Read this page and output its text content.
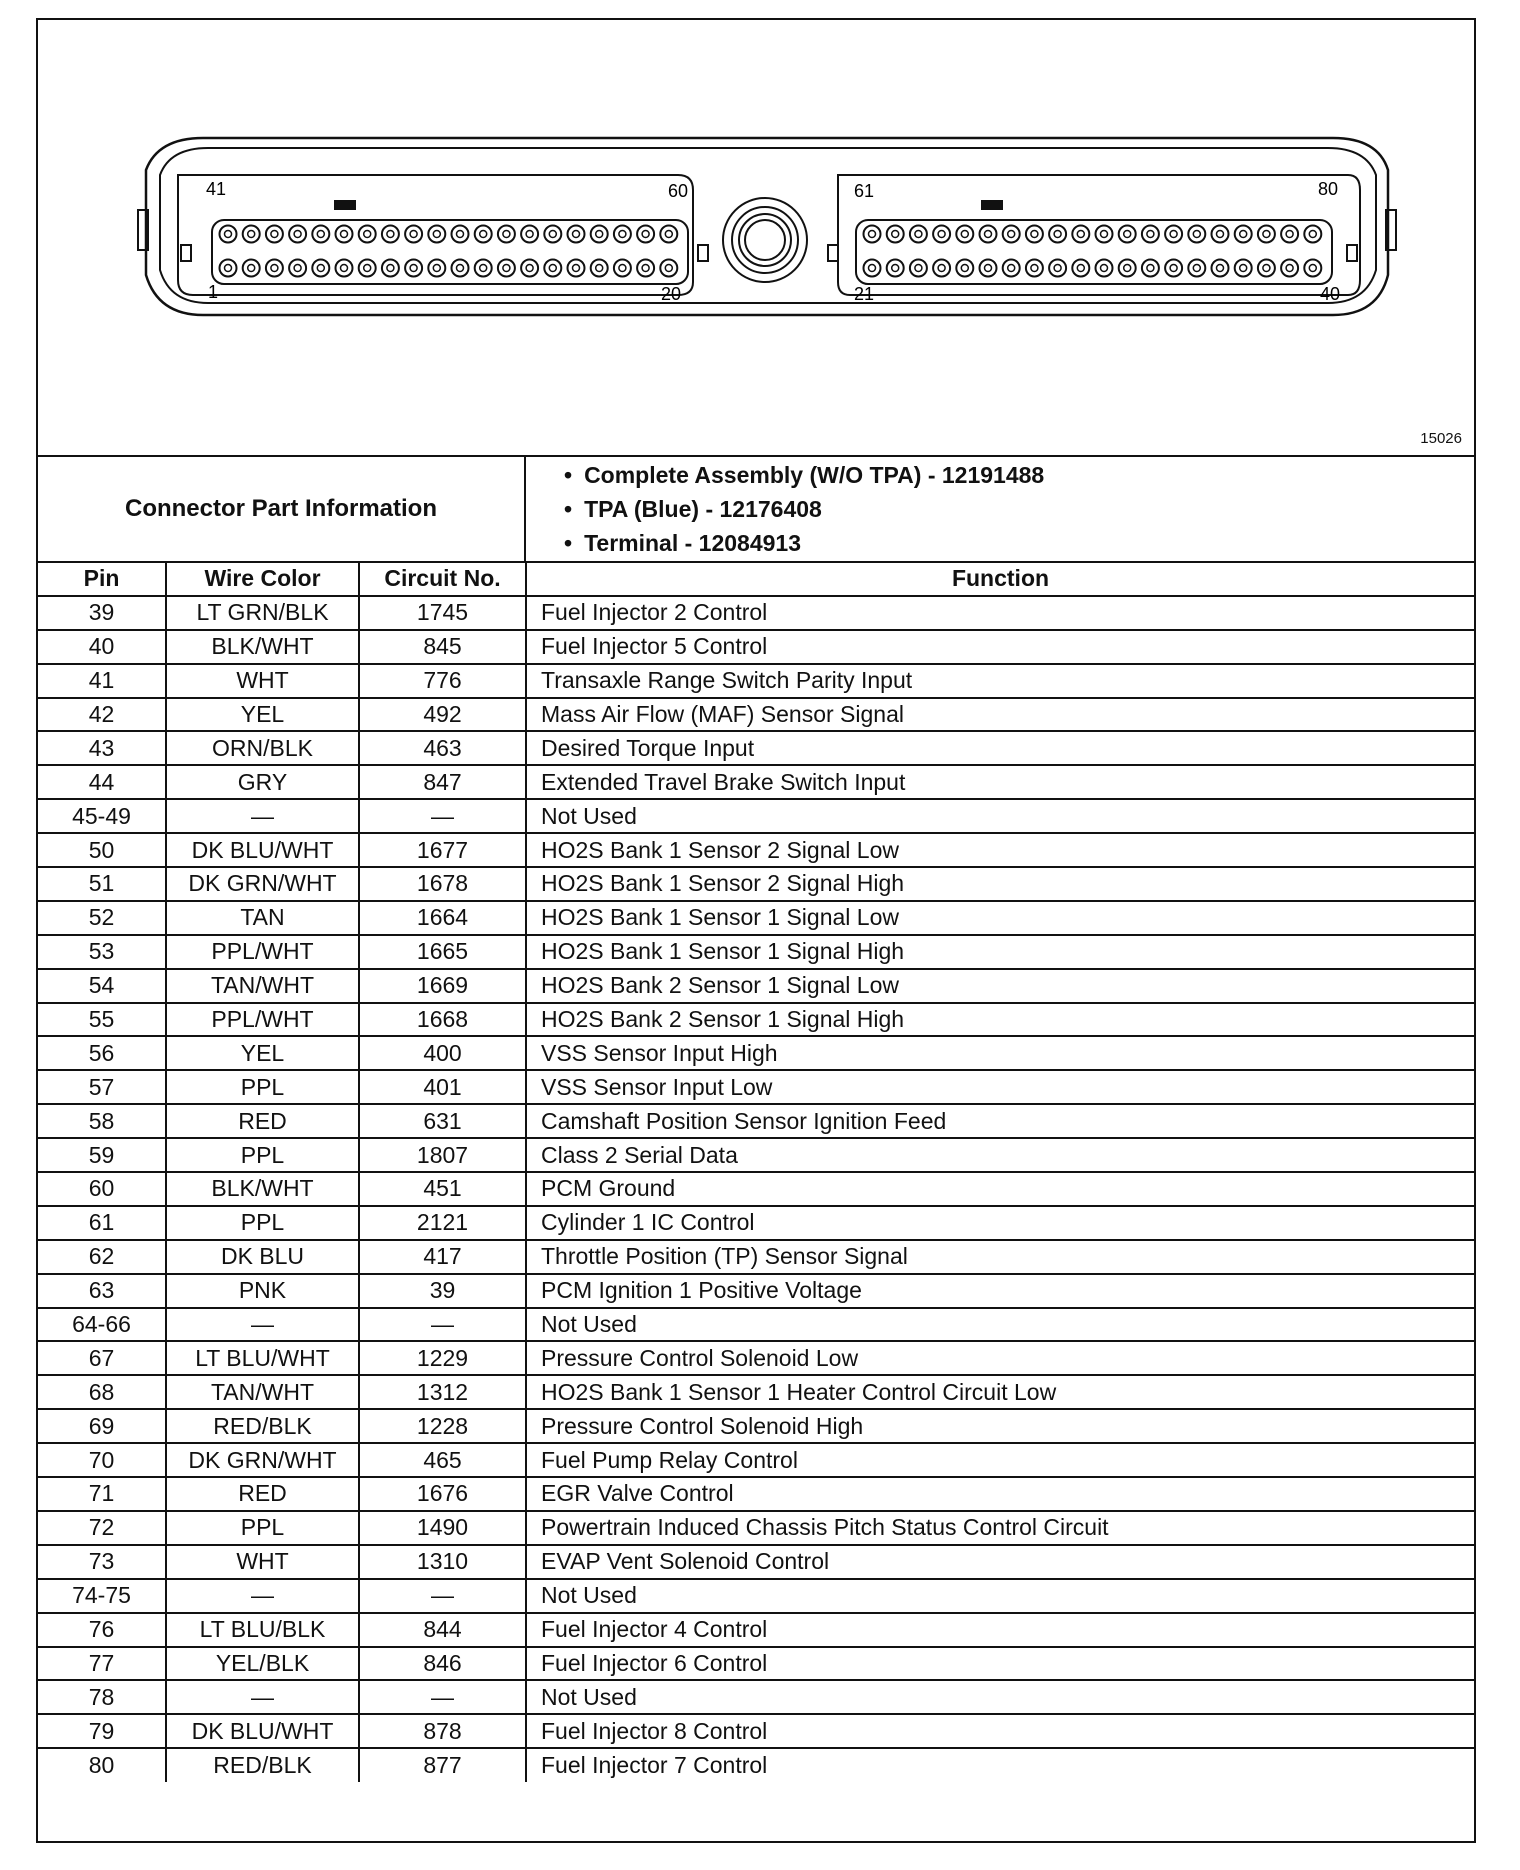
41	60
1	20
61	80
21	40
15026
Connector Part Information
• Complete Assembly (W/O TPA) - 12191488
• TPA (Blue) - 12176408
• Terminal - 12084913
Pin	Wire Color	Circuit No.	Function
39	LT GRN/BLK	1745	Fuel Injector 2 Control
40	BLK/WHT	845	Fuel Injector 5 Control
41	WHT	776	Transaxle Range Switch Parity Input
42	YEL	492	Mass Air Flow (MAF) Sensor Signal
43	ORN/BLK	463	Desired Torque Input
44	GRY	847	Extended Travel Brake Switch Input
45-49	—	—	Not Used
50	DK BLU/WHT	1677	HO2S Bank 1 Sensor 2 Signal Low
51	DK GRN/WHT	1678	HO2S Bank 1 Sensor 2 Signal High
52	TAN	1664	HO2S Bank 1 Sensor 1 Signal Low
53	PPL/WHT	1665	HO2S Bank 1 Sensor 1 Signal High
54	TAN/WHT	1669	HO2S Bank 2 Sensor 1 Signal Low
55	PPL/WHT	1668	HO2S Bank 2 Sensor 1 Signal High
56	YEL	400	VSS Sensor Input High
57	PPL	401	VSS Sensor Input Low
58	RED	631	Camshaft Position Sensor Ignition Feed
59	PPL	1807	Class 2 Serial Data
60	BLK/WHT	451	PCM Ground
61	PPL	2121	Cylinder 1 IC Control
62	DK BLU	417	Throttle Position (TP) Sensor Signal
63	PNK	39	PCM Ignition 1 Positive Voltage
64-66	—	—	Not Used
67	LT BLU/WHT	1229	Pressure Control Solenoid Low
68	TAN/WHT	1312	HO2S Bank 1 Sensor 1 Heater Control Circuit Low
69	RED/BLK	1228	Pressure Control Solenoid High
70	DK GRN/WHT	465	Fuel Pump Relay Control
71	RED	1676	EGR Valve Control
72	PPL	1490	Powertrain Induced Chassis Pitch Status Control Circuit
73	WHT	1310	EVAP Vent Solenoid Control
74-75	—	—	Not Used
76	LT BLU/BLK	844	Fuel Injector 4 Control
77	YEL/BLK	846	Fuel Injector 6 Control
78	—	—	Not Used
79	DK BLU/WHT	878	Fuel Injector 8 Control
80	RED/BLK	877	Fuel Injector 7 Control
